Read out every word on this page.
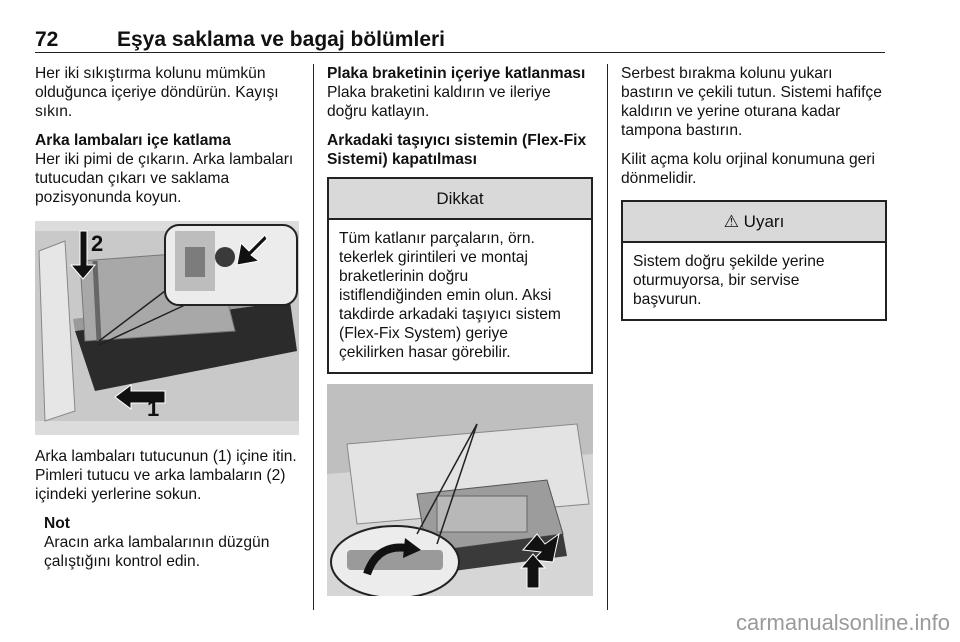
72	Eşya saklama ve bagaj bölümleri

Her iki sıkıştırma kolunu mümkün
olduğunca içeriye döndürün. Kayışı
sıkın.

Arka lambaları içe katlama

Her iki pimi de çıkarın. Arka lambaları
tutucudan çıkarı ve saklama
pozisyonunda koyun.

2
1

Arka lambaları tutucunun (1) içine itin.
Pimleri tutucu ve arka lambaların (2)
içindeki yerlerine sokun.

Not

Aracın arka lambalarının düzgün
çalıştığını kontrol edin.

Plaka braketinin içeriye katlanması

Plaka braketini kaldırın ve ileriye
doğru katlayın.

Arkadaki taşıyıcı sistemin (Flex-Fix
Sistemi) kapatılması

Dikkat
Tüm katlanır parçaların, örn.
tekerlek girintileri ve montaj
braketlerinin doğru
istiflendiğinden emin olun. Aksi
takdirde arkadaki taşıyıcı sistem
(Flex-Fix System) geriye
çekilirken hasar görebilir.

Serbest bırakma kolunu yukarı
bastırın ve çekili tutun. Sistemi hafifçe
kaldırın ve yerine oturana kadar
tampona bastırın.

Kilit açma kolu orjinal konumuna geri
dönmelidir.

⚠ Uyarı
Sistem doğru şekilde yerine
oturmuyorsa, bir servise
başvurun.
carmanualsonline.info
